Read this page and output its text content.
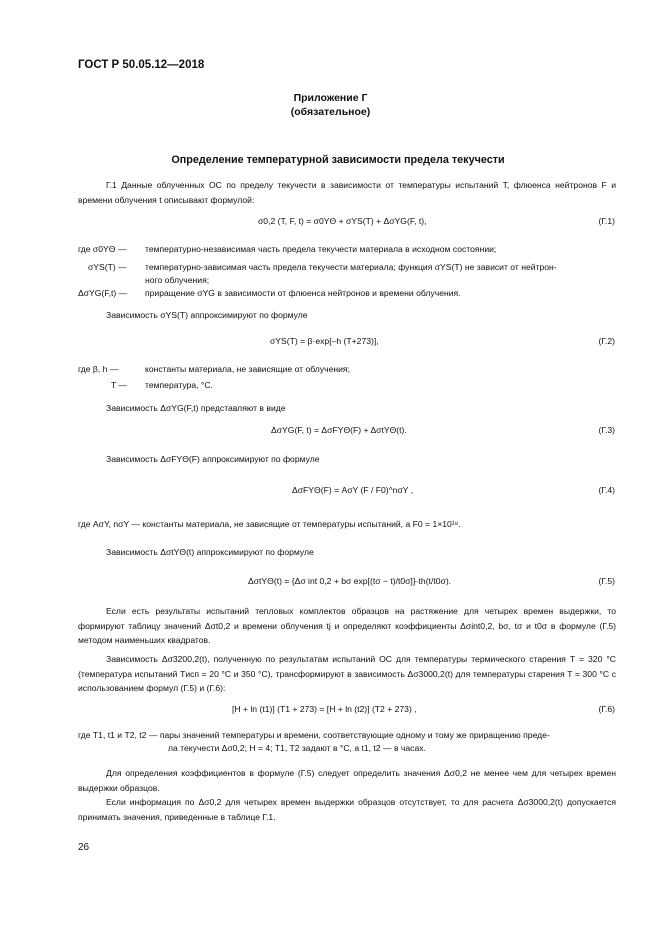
ГОСТ Р 50.05.12—2018
Приложение Г
(обязательное)
Определение температурной зависимости предела текучести
Г.1 Данные облученных ОС по пределу текучести в зависимости от температуры испытаний T, флюенса нейтронов F и времени облучения t описывают формулой:
σ0,2 (T, F, t) = σ0YΘ + σYS(T) + ΔσYG(F, t),	(Г.1)
где σ0YΘ — температурно-независимая часть предела текучести материала в исходном состоянии;
σYS(T) — температурно-зависимая часть предела текучести материала; функция σYS(T) не зависит от нейтрон-
ного облучения;
ΔσYG(F,t) — приращение σYG в зависимости от флюенса нейтронов и времени облучения.
Зависимость σYS(T) аппроксимируют по формуле
σYS(T) = β·exp[–h (T+273)],	(Г.2)
где β, h —	константы материала, не зависящие от облучения;
T — температура, °С.
Зависимость ΔσYG(F,t) представляют в виде
ΔσYG(F, t) = ΔσFYΘ(F) + ΔσtYΘ(t).	(Г.3)
Зависимость ΔσFYΘ(F) аппроксимируют по формуле
ΔσFYΘ(F) = AσY (F / F0)^nσY ,	(Г.4)
где AσY, nσY — константы материала, не зависящие от температуры испытаний, а F0 = 1×10¹⁸.
Зависимость ΔσtYΘ(t) аппроксимируют по формуле
ΔσtYΘ(t) = {Δσ int 0,2 + bσ exp[(tσ − t)/t0σ]}·th(t/t0σ).	(Г.5)
Если есть результаты испытаний тепловых комплектов образцов на растяжение для четырех времен выдержки, то формируют таблицу значений Δσt0,2 и времени облучения tj и определяют коэффициенты Δσint0,2, bσ, tσ и t0σ в формуле (Г.5) методом наименьших квадратов.
Зависимость Δσ3200,2(t), полученную по результатам испытаний ОС для температуры термического старения T = 320 °С (температура испытаний Tисп = 20 °С и 350 °С), трансформируют в зависимость Δσ3000,2(t) для температуры старения T = 300 °С с использованием формул (Г.5) и (Г.6):
[H + ln (t1)] (T1 + 273) = [H + ln (t2)] (T2 + 273) ,	(Г.6)
где T1, t1 и T2, t2 — пары значений температуры и времени, соответствующие одному и тому же приращению преде-
ла текучести Δσ0,2; H = 4; T1, T2 задают в °С, а t1, t2 — в часах.
Для определения коэффициентов в формуле (Г.5) следует определить значения Δσ0,2 не менее чем для четырех времен выдержки образцов.
Если информация по Δσ0,2 для четырех времен выдержки образцов отсутствует, то для расчета Δσ3000,2(t) допускается принимать значения, приведенные в таблице Г.1.
26
